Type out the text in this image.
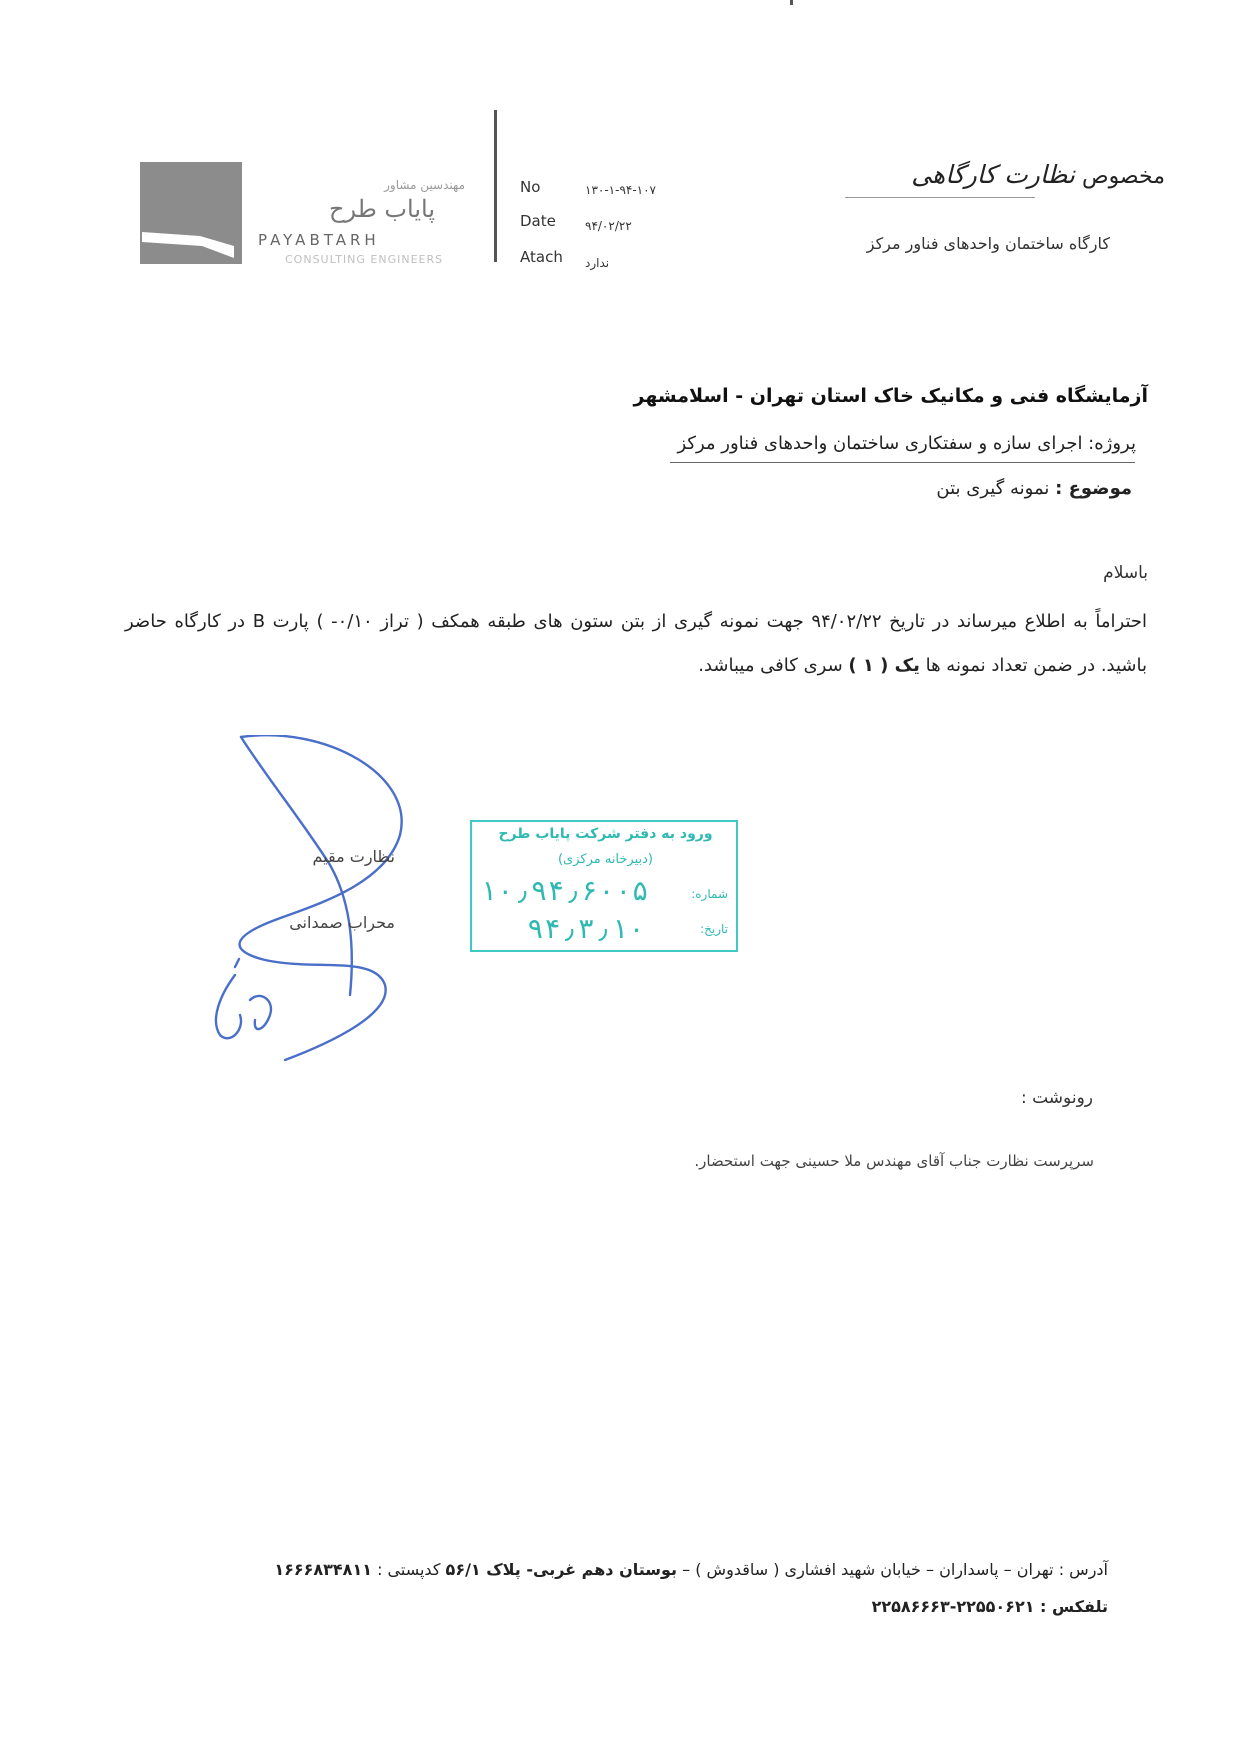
مهندسین مشاور
پایاب طرح
PAYABTARH
CONSULTING ENGINEERS
No	۱۳۰-۱-۹۴-۱۰۷
Date ۹۴/۰۲/۲۲
Atach ندارد
مخصوص نظارت کارگاهی
کارگاه ساختمان واحدهای فناور مرکز
آزمایشگاه فنی و مکانیک خاک استان تهران - اسلامشهر
پروژه: اجرای سازه و سفتکاری ساختمان واحدهای فناور مرکز
موضوع : نمونه گیری بتن
باسلام
احتراماً به اطلاع میرساند در تاریخ ۹۴/۰۲/۲۲ جهت نمونه گیری از بتن ستون های طبقه همکف ( تراز ۰/۱۰- ) پارت B در کارگاه حاضر باشید. در ضمن تعداد نمونه ها یک ( ۱ ) سری کافی میباشد.
نظارت مقیم
محراب صمدانی
ورود به دفتر شرکت پایاب طرح
(دبیرخانه مرکزی)
شماره:
۱۰٫۹۴٫۶۰۰۵
تاریخ:
۹۴٫۳٫۱۰
رونوشت :
سرپرست نظارت جناب آقای مهندس ملا حسینی جهت استحضار.
آدرس : تهران – پاسداران – خیابان شهید افشاری ( ساقدوش ) – بوستان دهم غربی- پلاک ۵۶/۱ کدپستی : ۱۶۶۶۸۳۴۸۱۱
تلفکس : ۲۲۵۵۰۶۲۱-۲۲۵۸۶۶۶۳
